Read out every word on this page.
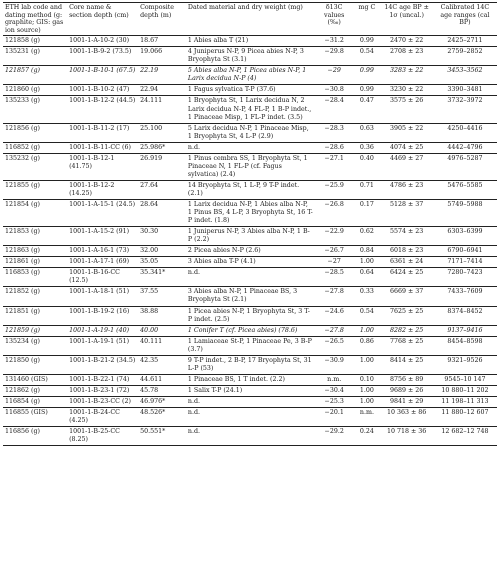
ETH lab code and dating method (g: graphite; GIS: gas ion source)	Core name & section depth (cm)	Composite depth (m)	Dated material and dry weight (mg)	δ13C values (‰)	mg C	14C age BP ± 1σ (uncal.)	Calibrated 14C age ranges (cal BP)
121858 (g)	1001-1-A-10-2 (30)	18.67	1 Abies alba T (21)	−31.2	0.99	2470 ± 22	2425–2711
135231 (g)	1001-1-B-9-2 (73.5)	19.066	4 Juniperus N-P, 9 Picea abies N-P, 3 Bryophyta St (3.1)	−29.8	0.54	2708 ± 23	2759–2852
121857 (g)	1001-1-B-10-1 (67.5)	22.19	5 Abies alba N-P, 1 Picea abies N-P, 1 Larix decidua N-P (4)	−29	0.99	3283 ± 22	3453–3562
121860 (g)	1001-1-B-10-2 (47)	22.94	1 Fagus sylvatica T-P (37.6)	−30.8	0.99	3230 ± 22	3390–3481
135233 (g)	1001-1-B-12-2 (44.5)	24.111	1 Bryophyta St, 1 Larix decidua N, 2 Larix decidua N-P, 4 FL-P, 1 B-P indet., 1 Pinaceae Misp, 1 FL-P indet. (3.5)	−28.4	0.47	3575 ± 26	3732–3972
121856 (g)	1001-1-B-11-2 (17)	25.100	5 Larix decidua N-P, 1 Pinaceae Misp, 1 Bryophyta St, 4 L-P (2.9)	−28.3	0.63	3905 ± 22	4250–4416
116852 (g)	1001-1-B-11-CC (6)	25.986*	n.d.	−28.6	0.36	4074 ± 25	4442–4796
135232 (g)	1001-1-B-12-1 (41.75)	26.919	1 Pinus cembra SS, 1 Bryophyta St, 1 Pinaceae N, 1 FL-P (cf. Fagus sylvatica) (2.4)	−27.1	0.40	4469 ± 27	4976–5287
121855 (g)	1001-1-B-12-2 (14.25)	27.64	14 Bryophyta St, 1 L-P, 9 T-P indet. (2.1)	−25.9	0.71	4786 ± 23	5476–5585
121854 (g)	1001-1-A-15-1 (24.5)	28.64	1 Larix decidua N-P, 1 Abies alba N-P, 1 Pinus BS, 4 L-P, 3 Bryophyta St, 16 T-P indet. (1.8)	−26.8	0.17	5128 ± 37	5749–5988
121853 (g)	1001-1-A-15-2 (91)	30.30	1 Juniperus N-P, 3 Abies alba N-P, 1 B-P (2.2)	−22.9	0.62	5574 ± 23	6303–6399
121863 (g)	1001-1-A-16-1 (73)	32.00	2 Picea abies N-P (2.6)	−26.7	0.84	6018 ± 23	6790–6941
121861 (g)	1001-1-A-17-1 (69)	35.05	3 Abies alba T-P (4.1)	−27	1.00	6361 ± 24	7171–7414
116853 (g)	1001-1-B-16-CC (12.5)	35.341*	n.d.	−28.5	0.64	6424 ± 25	7280–7423
121852 (g)	1001-1-A-18-1 (51)	37.55	3 Abies alba N-P, 1 Pinaceae BS, 3 Bryophyta St (2.1)	−27.8	0.33	6669 ± 37	7433–7609
121851 (g)	1001-1-B-19-2 (16)	38.88	1 Picea abies N-P, 1 Bryophyta St, 3 T-P indet. (2.5)	−24.6	0.54	7625 ± 25	8374–8452
121859 (g)	1001-1-A-19-1 (40)	40.00	1 Conifer T (cf. Picea abies) (78.6)	−27.8	1.00	8282 ± 25	9137–9416
135234 (g)	1001-1-A-19-1 (51)	40.111	1 Lamiaceae St-P, 1 Pinaceae Pe, 3 B-P (3.7)	−26.5	0.86	7768 ± 25	8454–8598
121850 (g)	1001-1-B-21-2 (34.5)	42.35	9 T-P indet., 2 B-P, 17 Bryophyta St, 31 L-P (53)	−30.9	1.00	8414 ± 25	9321–9526
131460 (GIS)	1001-1-B-22-1 (74)	44.611	1 Pinaceae BS, 1 T indet. (2.2)	n.m.	0.10	8756 ± 89	9545–10 147
121862 (g)	1001-1-B-23-1 (72)	45.78	1 Salix T-P (24.1)	−30.4	1.00	9689 ± 26	10 880–11 202
116854 (g)	1001-1-B-23-CC (2)	46.976*	n.d.	−25.3	1.00	9841 ± 29	11 198–11 313
116855 (GIS)	1001-1-B-24-CC (4.25)	48.526*	n.d.	−20.1	n.m.	10 363 ± 86	11 880–12 607
116856 (g)	1001-1-B-25-CC (8.25)	50.551*	n.d.	−29.2	0.24	10 718 ± 36	12 682–12 748
